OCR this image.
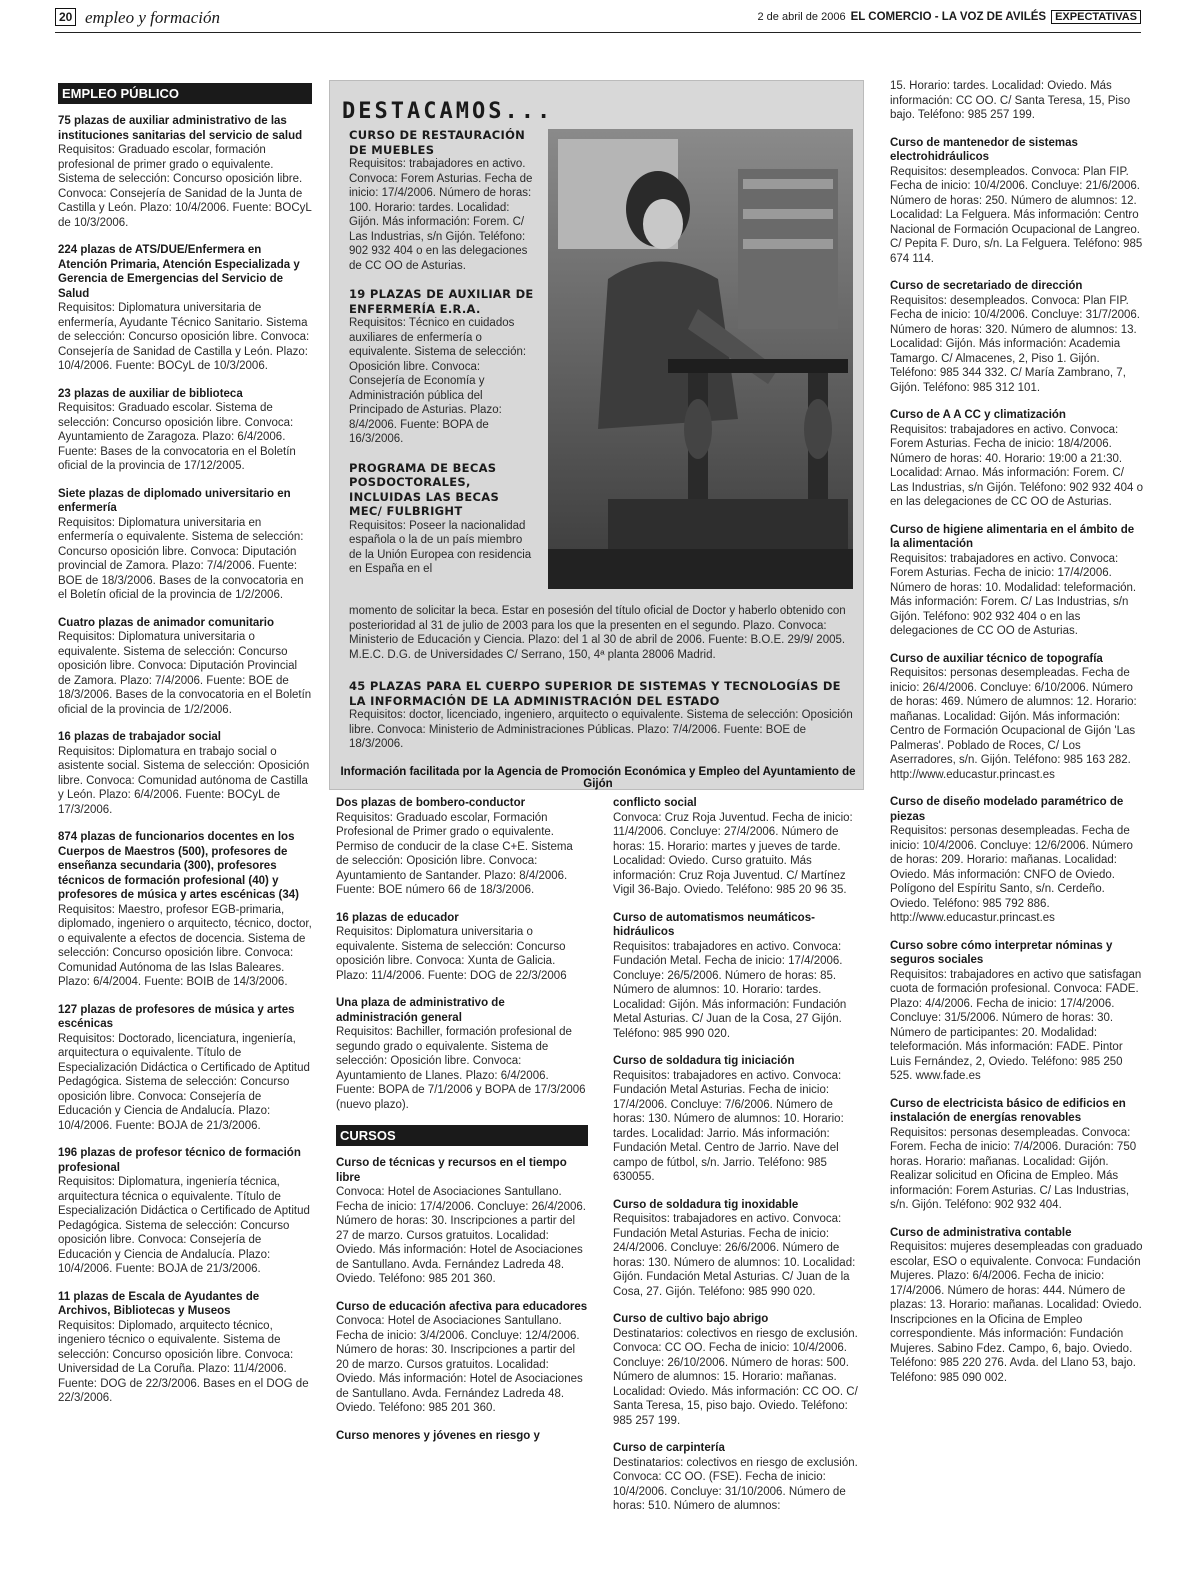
20 empleo y formación	2 de abril de 2006 EL COMERCIO - LA VOZ DE AVILÉS EXPECTATIVAS
EMPLEO PÚBLICO
75 plazas de auxiliar administrativo de las instituciones sanitarias del servicio de salud
Requisitos: Graduado escolar, formación profesional de primer grado o equivalente. Sistema de selección: Concurso oposición libre. Convoca: Consejería de Sanidad de la Junta de Castilla y León. Plazo: 10/4/2006. Fuente: BOCyL de 10/3/2006.
224 plazas de ATS/DUE/Enfermera en Atención Primaria, Atención Especializada y Gerencia de Emergencias del Servicio de Salud
Requisitos: Diplomatura universitaria de enfermería, Ayudante Técnico Sanitario. Sistema de selección: Concurso oposición libre. Convoca: Consejería de Sanidad de Castilla y León. Plazo: 10/4/2006. Fuente: BOCyL de 10/3/2006.
23 plazas de auxiliar de biblioteca
Requisitos: Graduado escolar. Sistema de selección: Concurso oposición libre. Convoca: Ayuntamiento de Zaragoza. Plazo: 6/4/2006. Fuente: Bases de la convocatoria en el Boletín oficial de la provincia de 17/12/2005.
Siete plazas de diplomado universitario en enfermería
Requisitos: Diplomatura universitaria en enfermería o equivalente. Sistema de selección: Concurso oposición libre. Convoca: Diputación provincial de Zamora. Plazo: 7/4/2006. Fuente: BOE de 18/3/2006. Bases de la convocatoria en el Boletín oficial de la provincia de 1/2/2006.
Cuatro plazas de animador comunitario
Requisitos: Diplomatura universitaria o equivalente. Sistema de selección: Concurso oposición libre. Convoca: Diputación Provincial de Zamora. Plazo: 7/4/2006. Fuente: BOE de 18/3/2006. Bases de la convocatoria en el Boletín oficial de la provincia de 1/2/2006.
16 plazas de trabajador social
Requisitos: Diplomatura en trabajo social o asistente social. Sistema de selección: Oposición libre. Convoca: Comunidad autónoma de Castilla y León. Plazo: 6/4/2006. Fuente: BOCyL de 17/3/2006.
874 plazas de funcionarios docentes en los Cuerpos de Maestros (500), profesores de enseñanza secundaria (300), profesores técnicos de formación profesional (40) y profesores de música y artes escénicas (34)
Requisitos: Maestro, profesor EGB-primaria, diplomado, ingeniero o arquitecto, técnico, doctor, o equivalente a efectos de docencia. Sistema de selección: Concurso oposición libre. Convoca: Comunidad Autónoma de las Islas Baleares. Plazo: 6/4/2004. Fuente: BOIB de 14/3/2006.
127 plazas de profesores de música y artes escénicas
Requisitos: Doctorado, licenciatura, ingeniería, arquitectura o equivalente. Título de Especialización Didáctica o Certificado de Aptitud Pedagógica. Sistema de selección: Concurso oposición libre. Convoca: Consejería de Educación y Ciencia de Andalucía. Plazo: 10/4/2006. Fuente: BOJA de 21/3/2006.
196 plazas de profesor técnico de formación profesional
Requisitos: Diplomatura, ingeniería técnica, arquitectura técnica o equivalente. Título de Especialización Didáctica o Certificado de Aptitud Pedagógica. Sistema de selección: Concurso oposición libre. Convoca: Consejería de Educación y Ciencia de Andalucía. Plazo: 10/4/2006. Fuente: BOJA de 21/3/2006.
11 plazas de Escala de Ayudantes de Archivos, Bibliotecas y Museos
Requisitos: Diplomado, arquitecto técnico, ingeniero técnico o equivalente. Sistema de selección: Concurso oposición libre. Convoca: Universidad de La Coruña. Plazo: 11/4/2006. Fuente: DOG de 22/3/2006. Bases en el DOG de 22/3/2006.
DESTACAMOS...
CURSO DE RESTAURACIÓN DE MUEBLES
Requisitos: trabajadores en activo. Convoca: Forem Asturias. Fecha de inicio: 17/4/2006. Número de horas: 100. Horario: tardes. Localidad: Gijón. Más información: Forem. C/ Las Industrias, s/n Gijón. Teléfono: 902 932 404 o en las delegaciones de CC OO de Asturias.
19 PLAZAS DE AUXILIAR DE ENFERMERÍA E.R.A.
Requisitos: Técnico en cuidados auxiliares de enfermería o equivalente. Sistema de selección: Oposición libre. Convoca: Consejería de Economía y Administración pública del Principado de Asturias. Plazo: 8/4/2006. Fuente: BOPA de 16/3/2006.
PROGRAMA DE BECAS POSDOCTORALES, INCLUIDAS LAS BECAS MEC/ FULBRIGHT
Requisitos: Poseer la nacionalidad española o la de un país miembro de la Unión Europea con residencia en España en el
momento de solicitar la beca. Estar en posesión del título oficial de Doctor y haberlo obtenido con posterioridad al 31 de julio de 2003 para los que la presenten en el segundo. Plazo. Convoca: Ministerio de Educación y Ciencia. Plazo: del 1 al 30 de abril de 2006. Fuente: B.O.E. 29/9/ 2005. M.E.C. D.G. de Universidades C/ Serrano, 150, 4ª planta 28006 Madrid.
45 PLAZAS PARA EL CUERPO SUPERIOR DE SISTEMAS Y TECNOLOGÍAS DE LA INFORMACIÓN DE LA ADMINISTRACIÓN DEL ESTADO
Requisitos: doctor, licenciado, ingeniero, arquitecto o equivalente. Sistema de selección: Oposición libre. Convoca: Ministerio de Administraciones Públicas. Plazo: 7/4/2006. Fuente: BOE de 18/3/2006.
Información facilitada por la Agencia de Promoción Económica y Empleo del Ayuntamiento de Gijón
Dos plazas de bombero-conductor
Requisitos: Graduado escolar, Formación Profesional de Primer grado o equivalente. Permiso de conducir de la clase C+E. Sistema de selección: Oposición libre. Convoca: Ayuntamiento de Santander. Plazo: 8/4/2006. Fuente: BOE número 66 de 18/3/2006.
16 plazas de educador
Requisitos: Diplomatura universitaria o equivalente. Sistema de selección: Concurso oposición libre. Convoca: Xunta de Galicia. Plazo: 11/4/2006. Fuente: DOG de 22/3/2006
Una plaza de administrativo de administración general
Requisitos: Bachiller, formación profesional de segundo grado o equivalente. Sistema de selección: Oposición libre. Convoca: Ayuntamiento de Llanes. Plazo: 6/4/2006. Fuente: BOPA de 7/1/2006 y BOPA de 17/3/2006 (nuevo plazo).
CURSOS
Curso de técnicas y recursos en el tiempo libre
Convoca: Hotel de Asociaciones Santullano. Fecha de inicio: 17/4/2006. Concluye: 26/4/2006. Número de horas: 30. Inscripciones a partir del 27 de marzo. Cursos gratuitos. Localidad: Oviedo. Más información: Hotel de Asociaciones de Santullano. Avda. Fernández Ladreda 48. Oviedo. Teléfono: 985 201 360.
Curso de educación afectiva para educadores
Convoca: Hotel de Asociaciones Santullano. Fecha de inicio: 3/4/2006. Concluye: 12/4/2006. Número de horas: 30. Inscripciones a partir del 20 de marzo. Cursos gratuitos. Localidad: Oviedo. Más información: Hotel de Asociaciones de Santullano. Avda. Fernández Ladreda 48. Oviedo. Teléfono: 985 201 360.
Curso menores y jóvenes en riesgo y
conflicto social
Convoca: Cruz Roja Juventud. Fecha de inicio: 11/4/2006. Concluye: 27/4/2006. Número de horas: 15. Horario: martes y jueves de tarde. Localidad: Oviedo. Curso gratuito. Más información: Cruz Roja Juventud. C/ Martínez Vigil 36-Bajo. Oviedo. Teléfono: 985 20 96 35.
Curso de automatismos neumáticos-hidráulicos
Requisitos: trabajadores en activo. Convoca: Fundación Metal. Fecha de inicio: 17/4/2006. Concluye: 26/5/2006. Número de horas: 85. Número de alumnos: 10. Horario: tardes. Localidad: Gijón. Más información: Fundación Metal Asturias. C/ Juan de la Cosa, 27 Gijón. Teléfono: 985 990 020.
Curso de soldadura tig iniciación
Requisitos: trabajadores en activo. Convoca: Fundación Metal Asturias. Fecha de inicio: 17/4/2006. Concluye: 7/6/2006. Número de horas: 130. Número de alumnos: 10. Horario: tardes. Localidad: Jarrio. Más información: Fundación Metal. Centro de Jarrio. Nave del campo de fútbol, s/n. Jarrio. Teléfono: 985 630055.
Curso de soldadura tig inoxidable
Requisitos: trabajadores en activo. Convoca: Fundación Metal Asturias. Fecha de inicio: 24/4/2006. Concluye: 26/6/2006. Número de horas: 130. Número de alumnos: 10. Localidad: Gijón. Fundación Metal Asturias. C/ Juan de la Cosa, 27. Gijón. Teléfono: 985 990 020.
Curso de cultivo bajo abrigo
Destinatarios: colectivos en riesgo de exclusión. Convoca: CC OO. Fecha de inicio: 10/4/2006. Concluye: 26/10/2006. Número de horas: 500. Número de alumnos: 15. Horario: mañanas. Localidad: Oviedo. Más información: CC OO. C/ Santa Teresa, 15, piso bajo. Oviedo. Teléfono: 985 257 199.
Curso de carpintería
Destinatarios: colectivos en riesgo de exclusión. Convoca: CC OO. (FSE). Fecha de inicio: 10/4/2006. Concluye: 31/10/2006. Número de horas: 510. Número de alumnos:
15. Horario: tardes. Localidad: Oviedo. Más información: CC OO. C/ Santa Teresa, 15, Piso bajo. Teléfono: 985 257 199.
Curso de mantenedor de sistemas electrohidráulicos
Requisitos: desempleados. Convoca: Plan FIP. Fecha de inicio: 10/4/2006. Concluye: 21/6/2006. Número de horas: 250. Número de alumnos: 12. Localidad: La Felguera. Más información: Centro Nacional de Formación Ocupacional de Langreo. C/ Pepita F. Duro, s/n. La Felguera. Teléfono: 985 674 114.
Curso de secretariado de dirección
Requisitos: desempleados. Convoca: Plan FIP. Fecha de inicio: 10/4/2006. Concluye: 31/7/2006. Número de horas: 320. Número de alumnos: 13. Localidad: Gijón. Más información: Academia Tamargo. C/ Almacenes, 2, Piso 1. Gijón. Teléfono: 985 344 332. C/ María Zambrano, 7, Gijón. Teléfono: 985 312 101.
Curso de A A CC y climatización
Requisitos: trabajadores en activo. Convoca: Forem Asturias. Fecha de inicio: 18/4/2006. Número de horas: 40. Horario: 19:00 a 21:30. Localidad: Arnao. Más información: Forem. C/ Las Industrias, s/n Gijón. Teléfono: 902 932 404 o en las delegaciones de CC OO de Asturias.
Curso de higiene alimentaria en el ámbito de la alimentación
Requisitos: trabajadores en activo. Convoca: Forem Asturias. Fecha de inicio: 17/4/2006. Número de horas: 10. Modalidad: teleformación. Más información: Forem. C/ Las Industrias, s/n Gijón. Teléfono: 902 932 404 o en las delegaciones de CC OO de Asturias.
Curso de auxiliar técnico de topografía
Requisitos: personas desempleadas. Fecha de inicio: 26/4/2006. Concluye: 6/10/2006. Número de horas: 469. Número de alumnos: 12. Horario: mañanas. Localidad: Gijón. Más información: Centro de Formación Ocupacional de Gijón 'Las Palmeras'. Poblado de Roces, C/ Los Aserradores, s/n. Gijón. Teléfono: 985 163 282. http://www.educastur.princast.es
Curso de diseño modelado paramétrico de piezas
Requisitos: personas desempleadas. Fecha de inicio: 10/4/2006. Concluye: 12/6/2006. Número de horas: 209. Horario: mañanas. Localidad: Oviedo. Más información: CNFO de Oviedo. Polígono del Espíritu Santo, s/n. Cerdeño. Oviedo. Teléfono: 985 792 886. http://www.educastur.princast.es
Curso sobre cómo interpretar nóminas y seguros sociales
Requisitos: trabajadores en activo que satisfagan cuota de formación profesional. Convoca: FADE. Plazo: 4/4/2006. Fecha de inicio: 17/4/2006. Concluye: 31/5/2006. Número de horas: 30. Número de participantes: 20. Modalidad: teleformación. Más información: FADE. Pintor Luis Fernández, 2, Oviedo. Teléfono: 985 250 525. www.fade.es
Curso de electricista básico de edificios en instalación de energías renovables
Requisitos: personas desempleadas. Convoca: Forem. Fecha de inicio: 7/4/2006. Duración: 750 horas. Horario: mañanas. Localidad: Gijón. Realizar solicitud en Oficina de Empleo. Más información: Forem Asturias. C/ Las Industrias, s/n. Gijón. Teléfono: 902 932 404.
Curso de administrativa contable
Requisitos: mujeres desempleadas con graduado escolar, ESO o equivalente. Convoca: Fundación Mujeres. Plazo: 6/4/2006. Fecha de inicio: 17/4/2006. Número de horas: 444. Número de plazas: 13. Horario: mañanas. Localidad: Oviedo. Inscripciones en la Oficina de Empleo correspondiente. Más información: Fundación Mujeres. Sabino Fdez. Campo, 6, bajo. Oviedo. Teléfono: 985 220 276. Avda. del Llano 53, bajo. Teléfono: 985 090 002.
